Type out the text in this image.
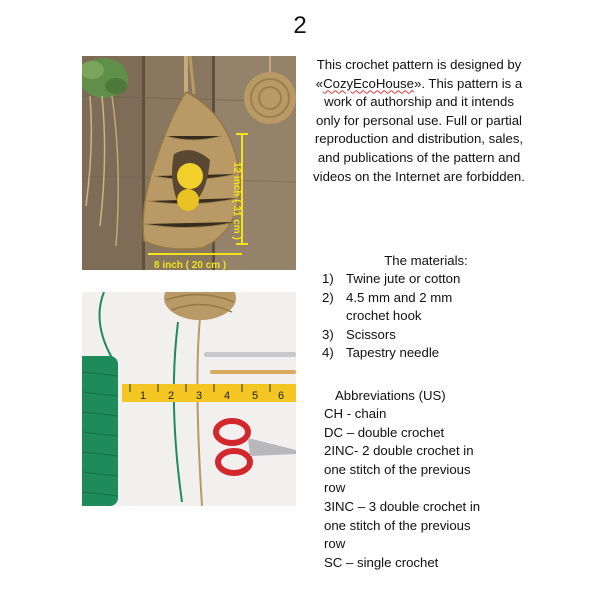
2
12 inch ( 31 cm )
8 inch ( 20 cm )
1 2 3 4 5 6
This crochet pattern is designed by «CozyEcoHouse». This pattern is a work of authorship and it intends only for personal use. Full or partial reproduction and distribution, sales, and publications of the pattern and videos on the Internet are forbidden.
The materials:
1) Twine jute or cotton
2) 4.5 mm and 2 mm crochet hook
3) Scissors
4) Tapestry needle
Abbreviations (US)
CH - chain
DC – double crochet
2INC- 2 double crochet in one stitch of the previous row
3INC – 3 double crochet in one stitch of the previous row
SC – single crochet
